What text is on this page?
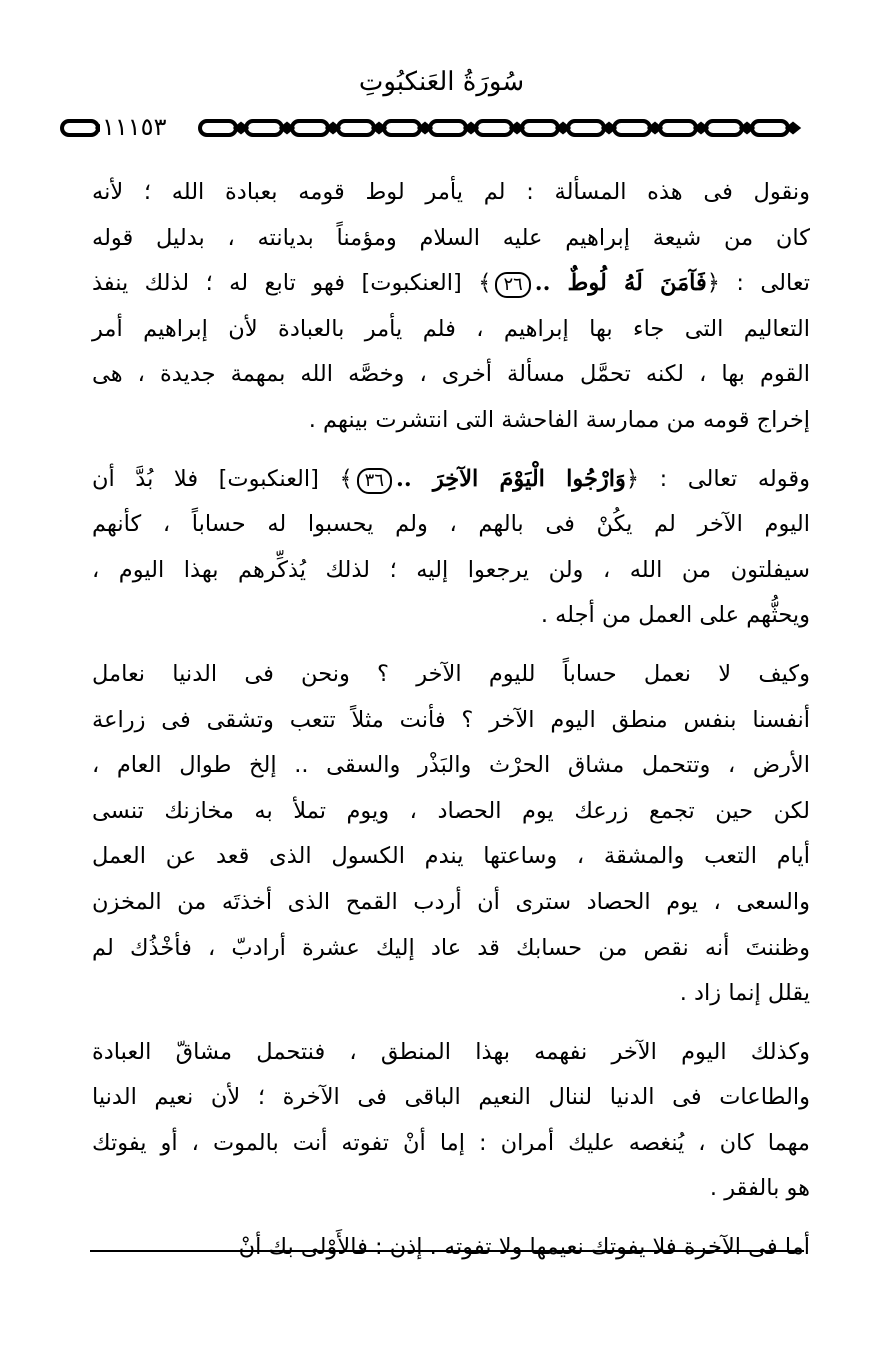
سُورَةُ العَنكبُوتِ
١١١٥٣

ونقول فى هذه المسألة : لم يأمر لوط قومه بعبادة الله ؛ لأنه
كان من شيعة إبراهيم عليه السلام ومؤمناً بديانته ، بدليل قوله
تعالى : ﴿فَآمَنَ لَهُ لُوطٌ ..٢٦﴾ [العنكبوت] فهو تابع له ؛ لذلك ينفذ
التعاليم التى جاء بها إبراهيم ، فلم يأمر بالعبادة لأن إبراهيم أمر
القوم بها ، لكنه تحمَّل مسألة أخرى ، وخصَّه الله بمهمة جديدة ، هى
إخراج قومه من ممارسة الفاحشة التى انتشرت بينهم .

وقوله تعالى : ﴿وَارْجُوا الْيَوْمَ الآخِرَ ..٣٦﴾ [العنكبوت] فلا بُدَّ أن
اليوم الآخر لم يكُنْ فى بالهم ، ولم يحسبوا له حساباً ، كأنهم
سيفلتون من الله ، ولن يرجعوا إليه ؛ لذلك يُذكِّرهم بهذا اليوم ،
ويحثُّهم على العمل من أجله .

وكيف لا نعمل حساباً لليوم الآخر ؟ ونحن فى الدنيا نعامل
أنفسنا بنفس منطق اليوم الآخر ؟ فأنت مثلاً تتعب وتشقى فى زراعة
الأرض ، وتتحمل مشاق الحرْث والبَذْر والسقى .. إلخ طوال العام ،
لكن حين تجمع زرعك يوم الحصاد ، ويوم تملأ به مخازنك تنسى
أيام التعب والمشقة ، وساعتها يندم الكسول الذى قعد عن العمل
والسعى ، يوم الحصاد سترى أن أردب القمح الذى أخذتَه من المخزن
وظننتَ أنه نقص من حسابك قد عاد إليك عشرة أرادبّ ، فأخْذُك لم
يقلل إنما زاد .

وكذلك اليوم الآخر نفهمه بهذا المنطق ، فنتحمل مشاقّ العبادة
والطاعات فى الدنيا لننال النعيم الباقى فى الآخرة ؛ لأن نعيم الدنيا
مهما كان ، يُنغصه عليك أمران : إما أنْ تفوته أنت بالموت ، أو يفوتك
هو بالفقر .

أما فى الآخرة فلا يفوتك نعيمها ولا تفوته . إذن : فالأَوْلى بك أنْ
